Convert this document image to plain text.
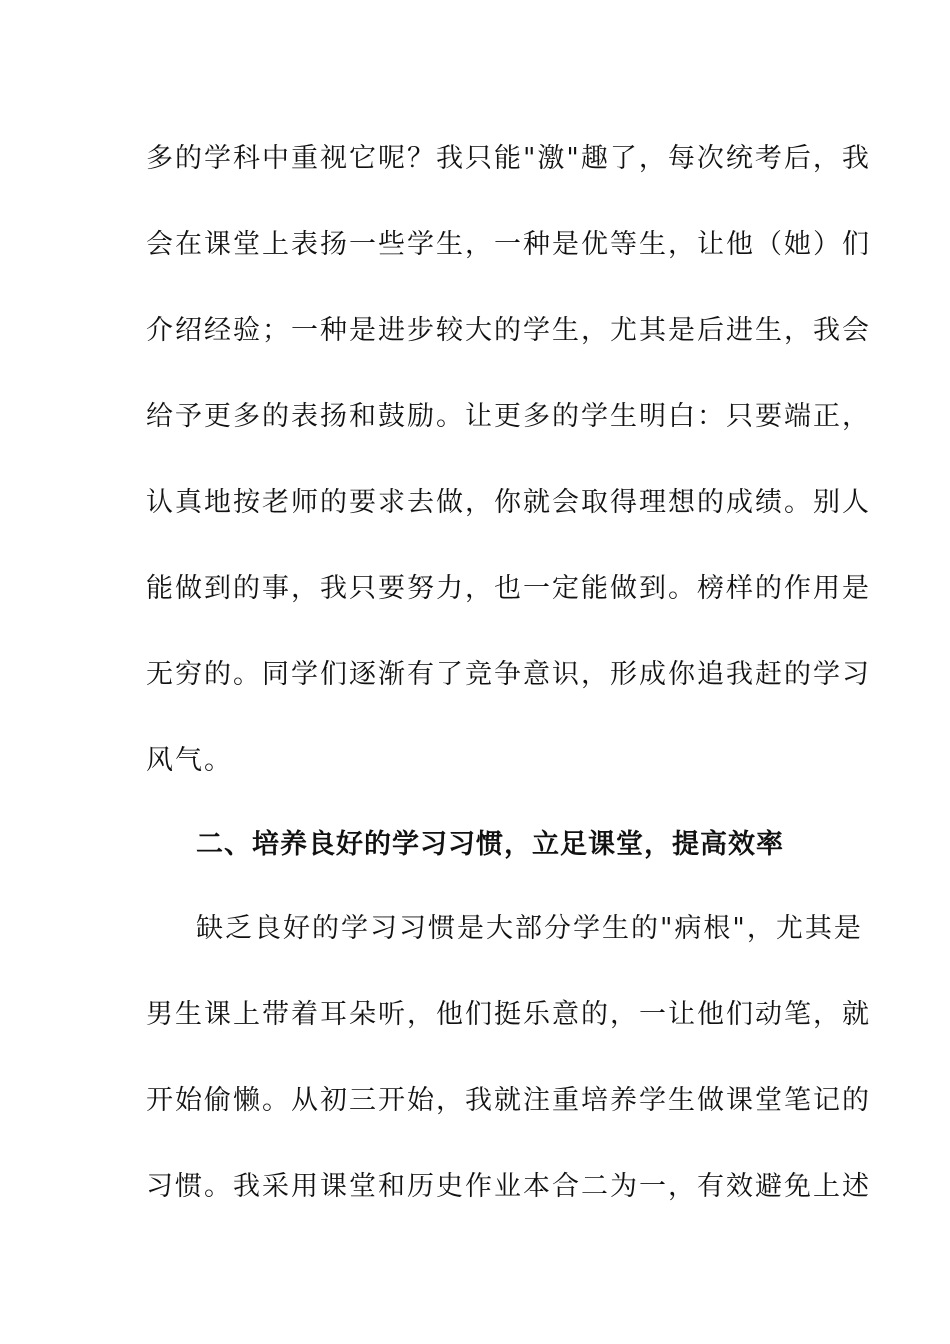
多的学科中重视它呢？我只能"激"趣了，每次统考后，我
会在课堂上表扬一些学生，一种是优等生，让他（她）们
介绍经验；一种是进步较大的学生，尤其是后进生，我会
给予更多的表扬和鼓励。让更多的学生明白：只要端正，
认真地按老师的要求去做，你就会取得理想的成绩。别人
能做到的事，我只要努力，也一定能做到。榜样的作用是
无穷的。同学们逐渐有了竞争意识，形成你追我赶的学习
风气。
二、培养良好的学习习惯，立足课堂，提高效率
缺乏良好的学习习惯是大部分学生的"病根"，尤其是
男生课上带着耳朵听，他们挺乐意的，一让他们动笔，就
开始偷懒。从初三开始，我就注重培养学生做课堂笔记的
习惯。我采用课堂和历史作业本合二为一，有效避免上述
